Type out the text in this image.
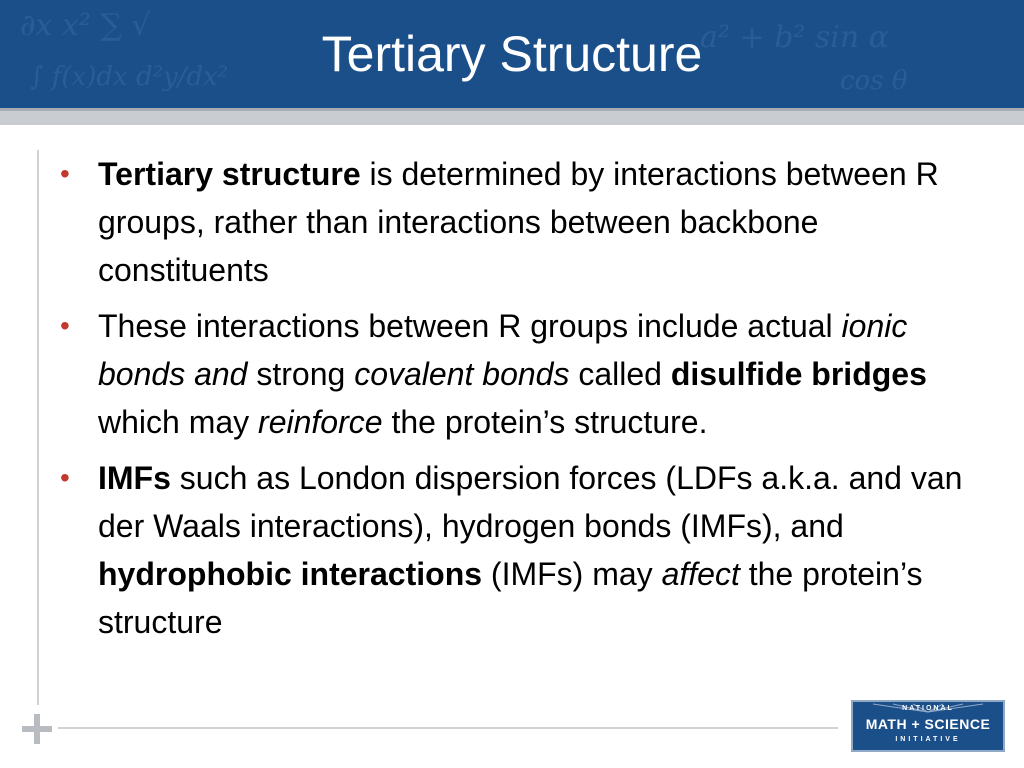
∂x x² ∑ √
∫ f(x)dx d²y/dx²
a² + b² sin α
cos θ
Tertiary Structure
• Tertiary structure is determined by interactions between R groups, rather than interactions between backbone constituents
• These interactions between R groups include actual ionic bonds and strong covalent bonds called disulfide bridges which may reinforce the protein’s structure.
• IMFs such as London dispersion forces (LDFs a.k.a. and van der Waals interactions), hydrogen bonds (IMFs), and hydrophobic interactions (IMFs) may affect the protein’s structure
NATIONAL
MATH + SCIENCE
INITIATIVE
